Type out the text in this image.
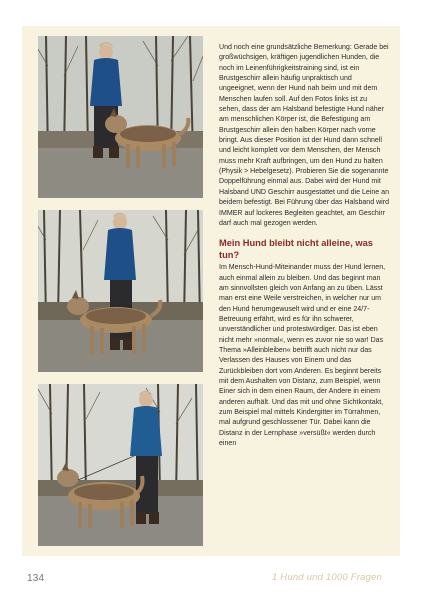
Und noch eine grundsätzliche Bemerkung: Gerade bei großwüchsigen, kräftigen jugendlichen Hunden, die noch im Leinenführigkeitstraining sind, ist ein Brustgeschirr allein häufig unpraktisch und ungeeignet, wenn der Hund nah beim und mit dem Menschen laufen soll. Auf den Fotos links ist zu sehen, dass der am Halsband befestigte Hund näher am menschlichen Körper ist, die Befestigung am Brustgeschirr allein den halben Körper nach vorne bringt. Aus dieser Position ist der Hund dann schnell und leicht komplett vor dem Menschen, der Mensch muss mehr Kraft aufbringen, um den Hund zu halten (Physik > Hebelgesetz). Probieren Sie die sogenannte Doppelführung einmal aus. Dabei wird der Hund mit Halsband UND Geschirr ausgestattet und die Leine an beidem befestigt. Bei Führung über das Halsband wird IMMER auf lockeres Begleiten geachtet, am Geschirr darf auch mal gezogen werden.

Mein Hund bleibt nicht alleine, was tun?

Im Mensch-Hund-Miteinander muss der Hund lernen, auch einmal allein zu bleiben. Und das beginnt man am sinnvollsten gleich von Anfang an zu üben. Lässt man erst eine Weile verstreichen, in welcher nur um den Hund herumgewuselt wird und er eine 24/7-Betreuung erfährt, wird es für ihn schwerer, unverständlicher und protestwürdiger. Das ist eben nicht mehr »normal«, wenn es zuvor nie so war! Das Thema »Alleinbleiben« betrifft auch nicht nur das Verlassen des Hauses von Einem und das Zurückbleiben dort vom Anderen. Es beginnt bereits mit dem Aushalten von Distanz, zum Beispiel, wenn Einer sich in dem einen Raum, der Andere in einem anderen aufhält. Und das mit und ohne Sichtkontakt, zum Beispiel mal mittels Kindergitter im Türrahmen, mal aufgrund geschlossener Tür. Dabei kann die Distanz in der Lernphase »versüßt« werden durch einen

134	1 Hund und 1000 Fragen
